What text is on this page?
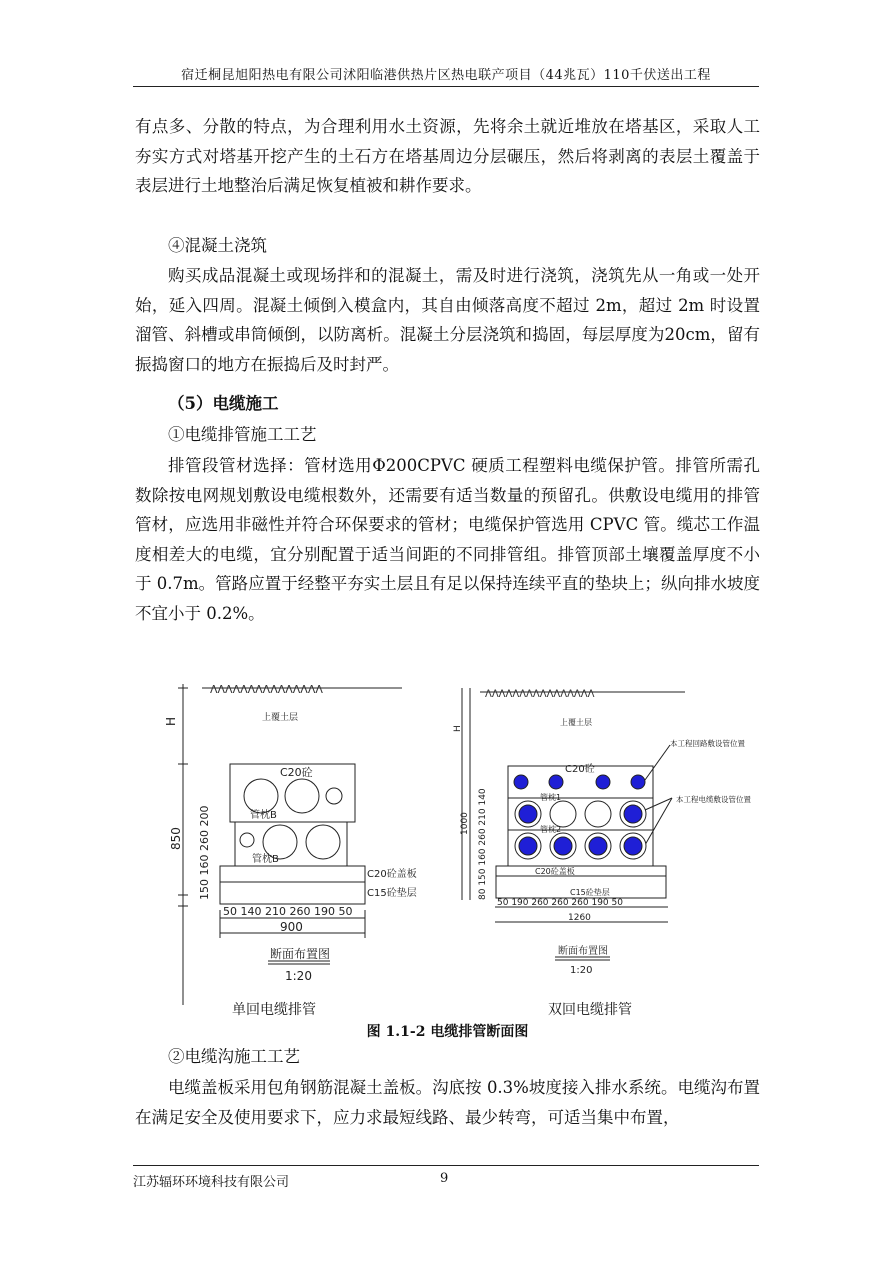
宿迁桐昆旭阳热电有限公司沭阳临港供热片区热电联产项目（44兆瓦）110千伏送出工程
有点多、分散的特点，为合理利用水土资源，先将余土就近堆放在塔基区，采取人工夯实方式对塔基开挖产生的土石方在塔基周边分层碾压，然后将剥离的表层土覆盖于表层进行土地整治后满足恢复植被和耕作要求。
④混凝土浇筑
购买成品混凝土或现场拌和的混凝土，需及时进行浇筑，浇筑先从一角或一处开始，延入四周。混凝土倾倒入模盒内，其自由倾落高度不超过 2m，超过 2m 时设置溜管、斜槽或串筒倾倒，以防离析。混凝土分层浇筑和捣固，每层厚度为20cm，留有振捣窗口的地方在振捣后及时封严。
（5）电缆施工
①电缆排管施工工艺
排管段管材选择：管材选用Φ200CPVC 硬质工程塑料电缆保护管。排管所需孔数除按电网规划敷设电缆根数外，还需要有适当数量的预留孔。供敷设电缆用的排管管材，应选用非磁性并符合环保要求的管材；电缆保护管选用 CPVC 管。缆芯工作温度相差大的电缆，宜分别配置于适当间距的不同排管组。排管顶部土壤覆盖厚度不小于 0.7m。管路应置于经整平夯实土层且有足以保持连续平直的垫块上；纵向排水坡度不宜小于 0.2%。
ᐱᐱᐱᐱᐱᐱᐱᐱᐱᐱᐱᐱᐱᐱᐱ
H	上覆土层
C20砼
管枕B
管枕B
C20砼盖板
C15砼垫层
850 150 160 260 200
50 140 210 260 190 50
900
断面布置图
1:20
ᐱᐱᐱᐱᐱᐱᐱᐱᐱᐱᐱᐱᐱᐱᐱᐱ
H
上覆土层
C20砼
管枕1
管枕2
C20砼盖板
C15砼垫层
本工程回路敷设管位置
本工程电缆敷设管位置
1000 80 150 160 260 210 140
50 190 260 260 260 190 50
1260
断面布置图
1:20
单回电缆排管	双回电缆排管
图 1.1-2 电缆排管断面图
②电缆沟施工工艺
电缆盖板采用包角钢筋混凝土盖板。沟底按 0.3%坡度接入排水系统。电缆沟布置在满足安全及使用要求下，应力求最短线路、最少转弯，可适当集中布置，
江苏辐环环境科技有限公司	9
